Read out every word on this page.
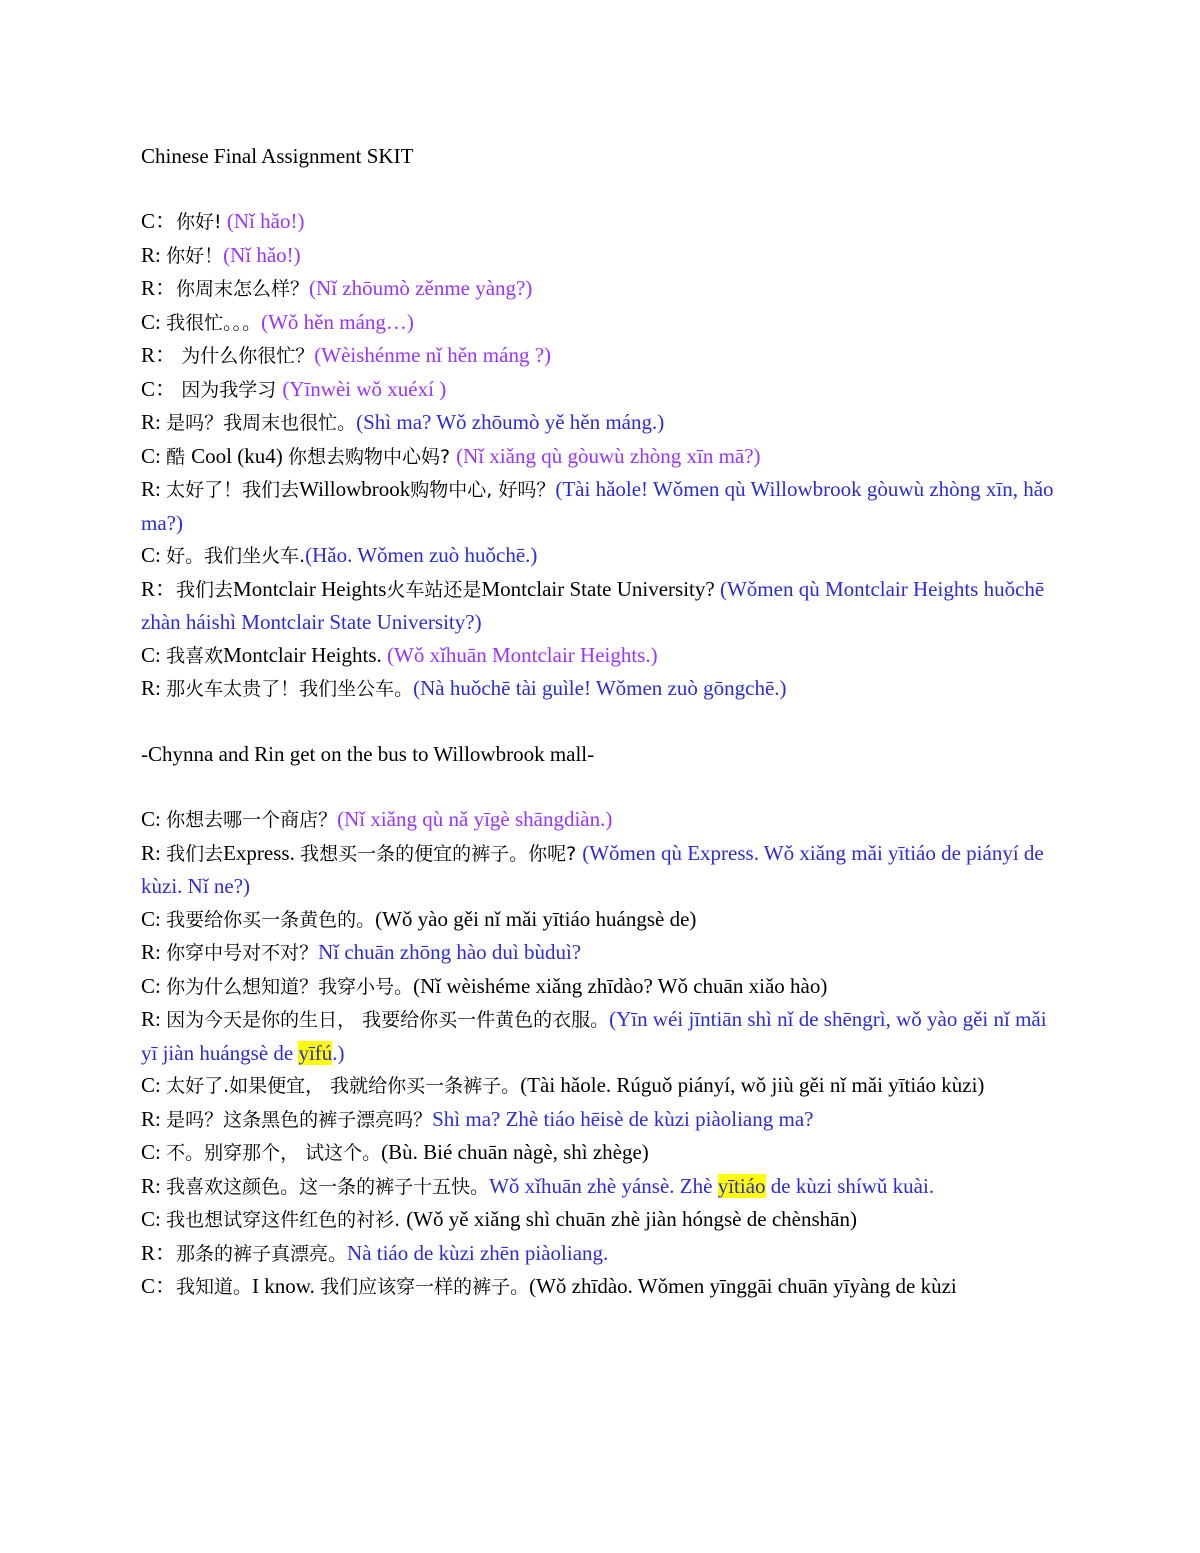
Chinese Final Assignment SKIT
C：你好! (Nǐ hǎo!)
R: 你好！(Nǐ hǎo!)
R：你周末怎么样？(Nǐ zhōumò zěnme yàng?)
C: 我很忙。。。(Wǒ hěn máng…)
R： 为什么你很忙？(Wèishénme nǐ hěn máng ?)
C： 因为我学习 (Yīnwèi wǒ xuéxí )
R: 是吗？我周末也很忙。(Shì ma? Wǒ zhōumò yě hěn máng.)
C: 酷 Cool (ku4) 你想去购物中心妈? (Nǐ xiǎng qù gòuwù zhòng xīn mā?)
R: 太好了！我们去Willowbrook购物中心, 好吗？(Tài hǎole! Wǒmen qù Willowbrook gòuwù zhòng xīn, hǎo ma?)
C: 好。我们坐火车.(Hǎo. Wǒmen zuò huǒchē.)
R：我们去Montclair Heights火车站还是Montclair State University? (Wǒmen qù Montclair Heights huǒchē zhàn háishì Montclair State University?)
C: 我喜欢Montclair Heights. (Wǒ xǐhuān Montclair Heights.)
R: 那火车太贵了！我们坐公车。(Nà huǒchē tài guìle! Wǒmen zuò gōngchē.)
-Chynna and Rin get on the bus to Willowbrook mall-
C: 你想去哪一个商店？(Nǐ xiǎng qù nǎ yīgè shāngdiàn.)
R: 我们去Express. 我想买一条的便宜的裤子。你呢? (Wǒmen qù Express. Wǒ xiǎng mǎi yītiáo de piányí de kùzi. Nǐ ne?)
C: 我要给你买一条黄色的。(Wǒ yào gěi nǐ mǎi yītiáo huángsè de)
R: 你穿中号对不对？Nǐ chuān zhōng hào duì bùduì?
C: 你为什么想知道？我穿小号。(Nǐ wèishéme xiǎng zhīdào? Wǒ chuān xiǎo hào)
R: 因为今天是你的生日， 我要给你买一件黄色的衣服。(Yīn wéi jīntiān shì nǐ de shēngrì, wǒ yào gěi nǐ mǎi yī jiàn huángsè de yīfú.)
C: 太好了.如果便宜， 我就给你买一条裤子。(Tài hǎole. Rúguǒ piányí, wǒ jiù gěi nǐ mǎi yītiáo kùzi)
R: 是吗？这条黑色的裤子漂亮吗？Shì ma? Zhè tiáo hēisè de kùzi piàoliang ma?
C: 不。别穿那个， 试这个。(Bù. Bié chuān nàgè, shì zhège)
R: 我喜欢这颜色。这一条的裤子十五快。Wǒ xǐhuān zhè yánsè. Zhè yītiáo de kùzi shíwǔ kuài.
C: 我也想试穿这件红色的衬衫. (Wǒ yě xiǎng shì chuān zhè jiàn hóngsè de chènshān)
R：那条的裤子真漂亮。Nà tiáo de kùzi zhēn piàoliang.
C：我知道。I know. 我们应该穿一样的裤子。(Wǒ zhīdào. Wǒmen yīnggāi chuān yīyàng de kùzi
